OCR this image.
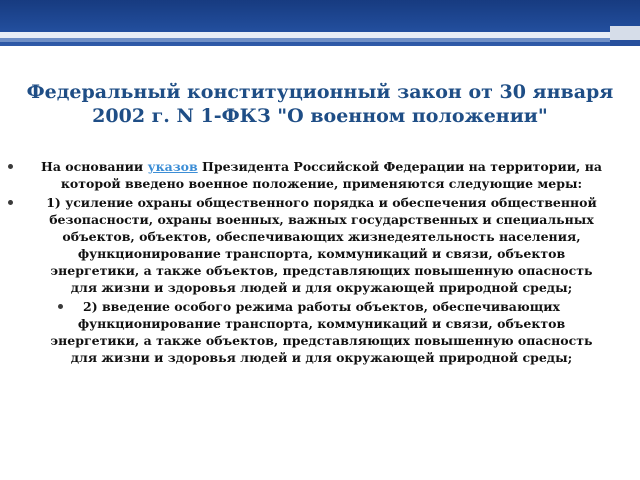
Федеральный конституционный закон от 30 января 2002 г. N 1-ФКЗ "О военном положении"
На основании указов Президента Российской Федерации на территории, на которой введено военное положение, применяются следующие меры:
1) усиление охраны общественного порядка и обеспечения общественной безопасности, охраны военных, важных государственных и специальных объектов, объектов, обеспечивающих жизнедеятельность населения, функционирование транспорта, коммуникаций и связи, объектов энергетики, а также объектов, представляющих повышенную опасность для жизни и здоровья людей и для окружающей природной среды;
2) введение особого режима работы объектов, обеспечивающих функционирование транспорта, коммуникаций и связи, объектов энергетики, а также объектов, представляющих повышенную опасность для жизни и здоровья людей и для окружающей природной среды;
